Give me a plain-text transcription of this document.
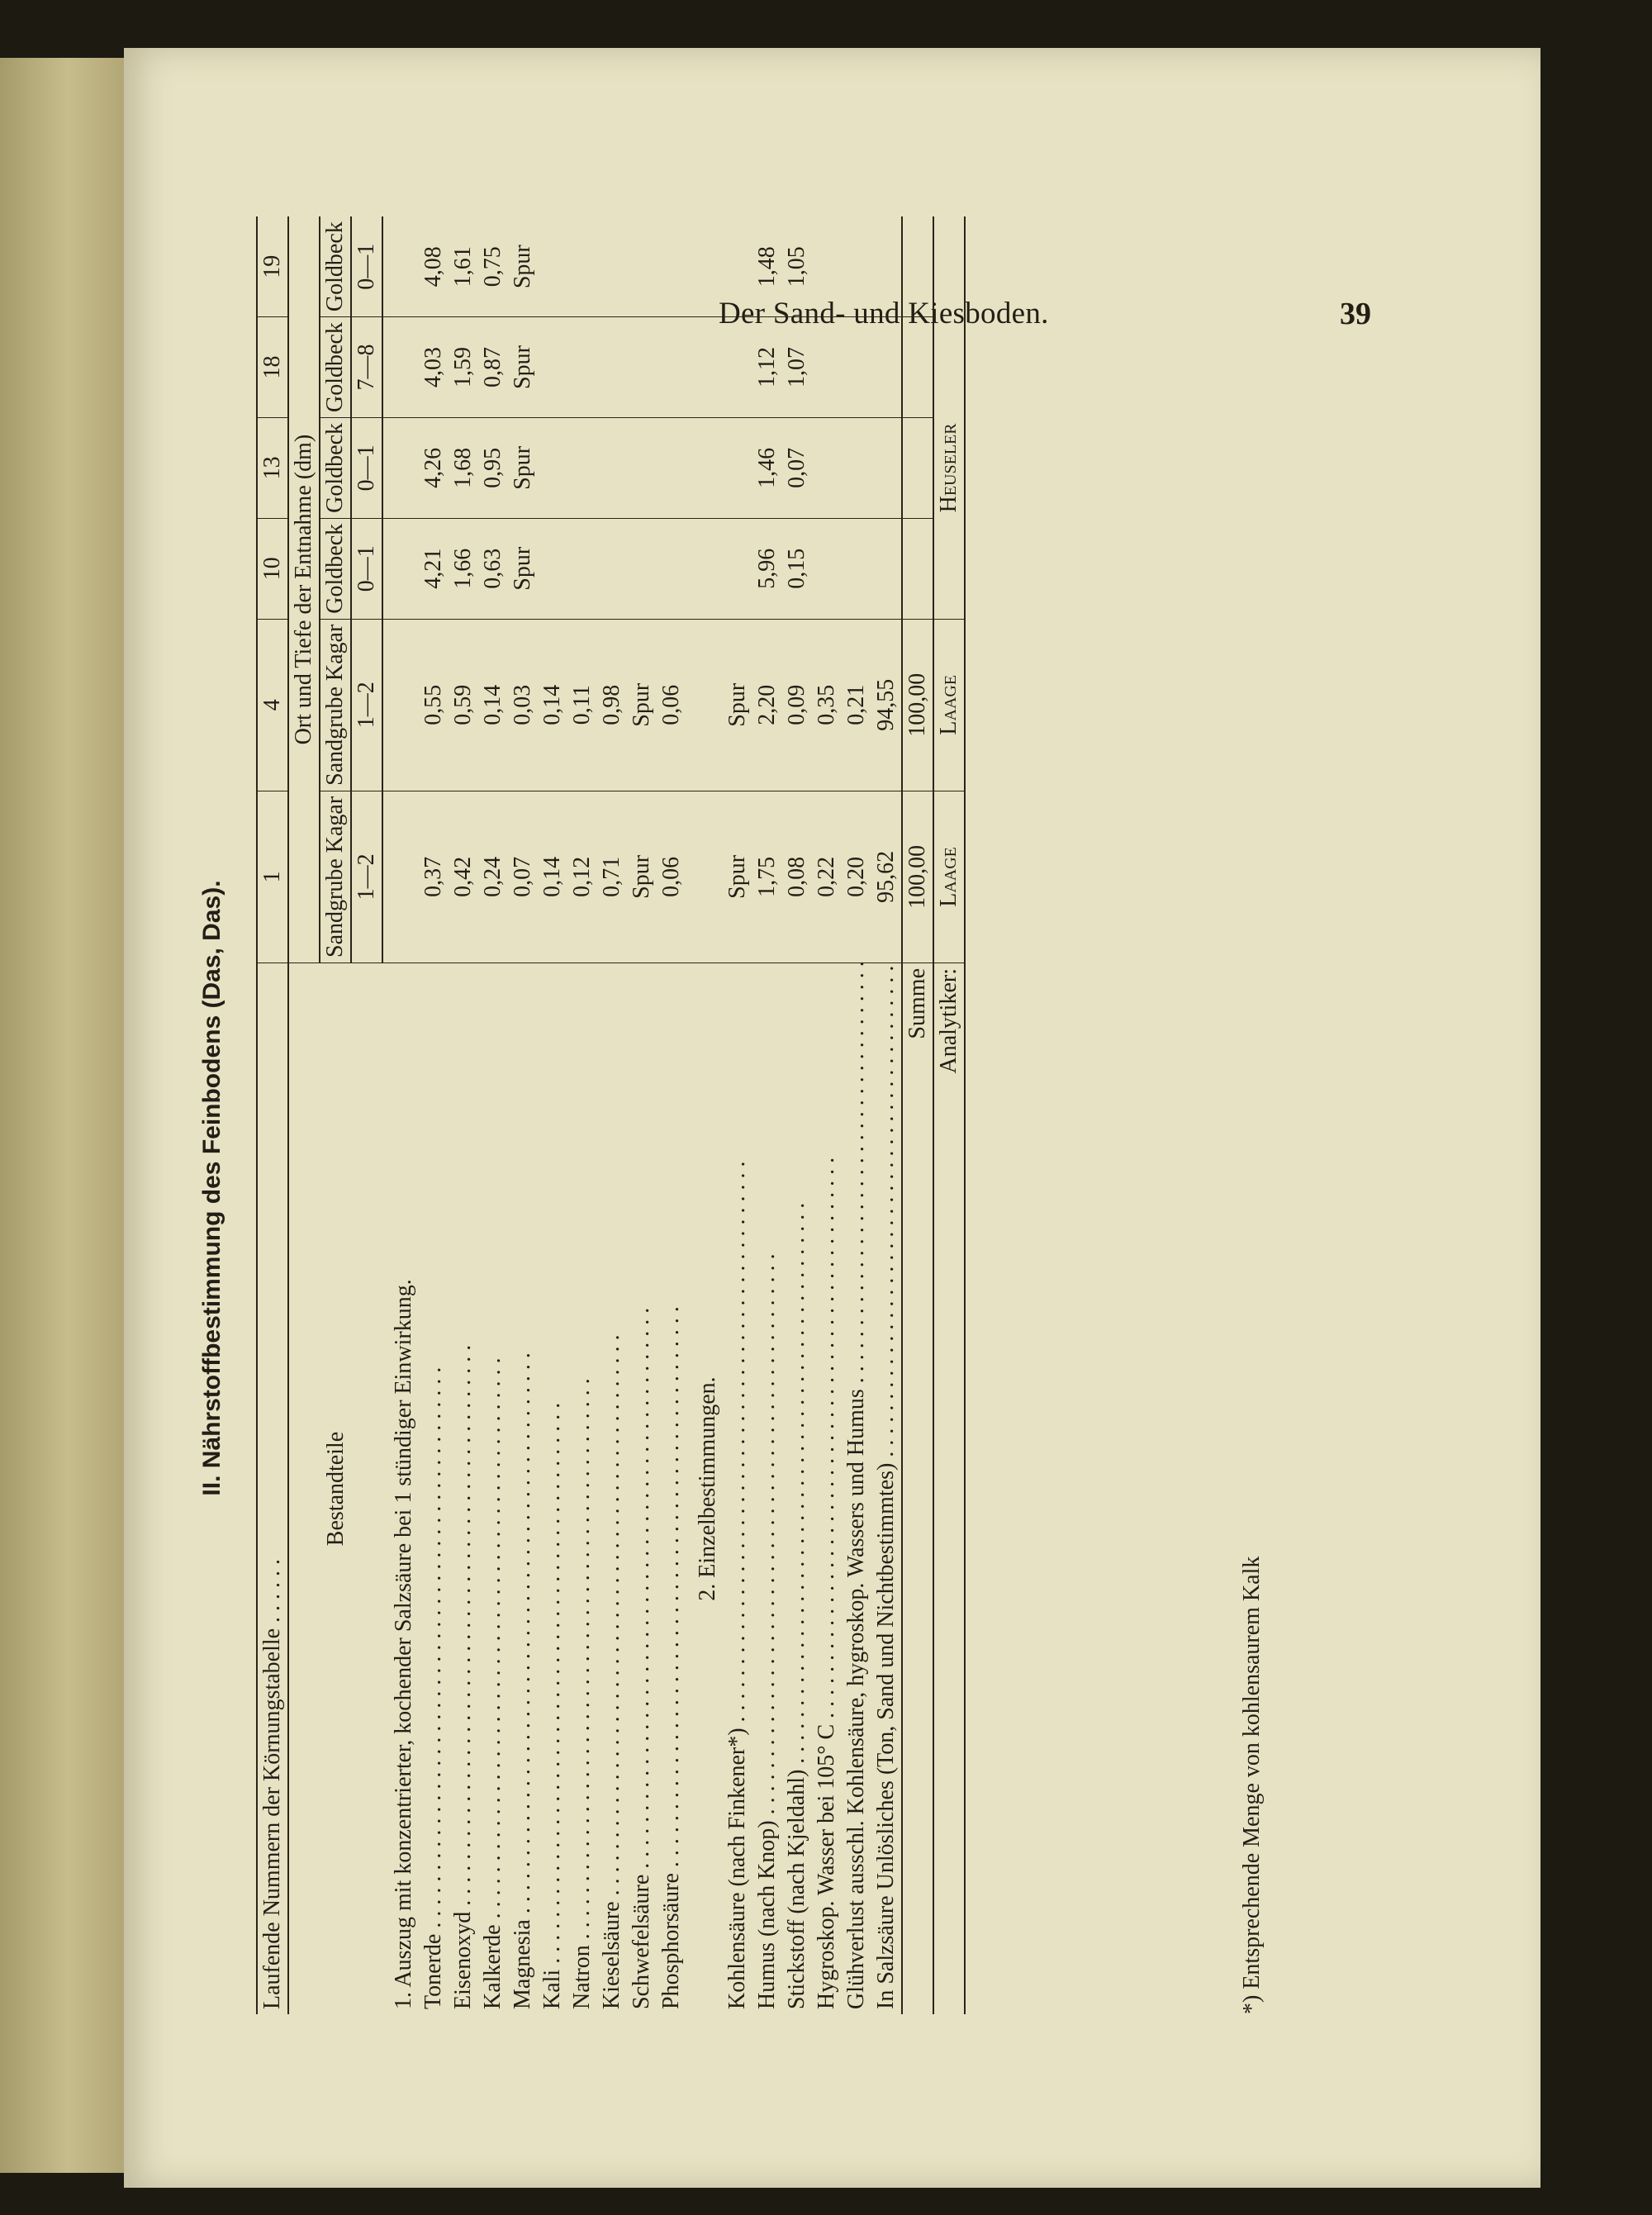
Der Sand- und Kiesboden.	39
II. Nährstoffbestimmung des Feinbodens (Das, Das).
Laufende Nummern der Körnungstabelle . . . . . .	1	4	10	13	18	19
Bestandteile	Ort und Tiefe der Entnahme (dm)					
	Sandgrube Kagar	Sandgrube Kagar	Goldbeck	Goldbeck	Goldbeck	Goldbeck
	1—2	1—2	0—1	0—1	7—8	0—1
1. Auszug mit konzentrierter, kochender Salzsäure bei 1 stündiger Einwirkung.						
Tonerde . . .	0,37	0,55	4,21	4,26	4,03	4,08
Eisenoxyd . . .	0,42	0,59	1,66	1,68	1,59	1,61
Kalkerde . . .	0,24	0,14	0,63	0,95	0,87	0,75
Magnesia . . .	0,07	0,03	Spur	Spur	Spur	Spur
Kali . . .	0,14	0,14				
Natron . . .	0,12	0,11				
Kieselsäure . . .	0,71	0,98				
Schwefelsäure . . .	Spur	Spur				
Phosphorsäure . . .	0,06	0,06				
2. Einzelbestimmungen.						
Kohlensäure (nach Finkener*) . . .	Spur	Spur				
Humus (nach Knop) . . .	1,75	2,20	5,96	1,46	1,12	1,48
Stickstoff (nach Kjeldahl) . . .	0,08	0,09	0,15	0,07	1,07	1,05
Hygroskop. Wasser bei 105° C . . .	0,22	0,35				
Glühverlust ausschl. Kohlensäure, hygroskop. Wassers und Humus . . .	0,20	0,21				
In Salzsäure Unlösliches (Ton, Sand und Nichtbestimmtes) . . .	95,62	94,55				
Summe	100,00	100,00				
Analytiker:	Laage	Laage		Heuseler		
*) Entsprechende Menge von kohlensaurem Kalk
